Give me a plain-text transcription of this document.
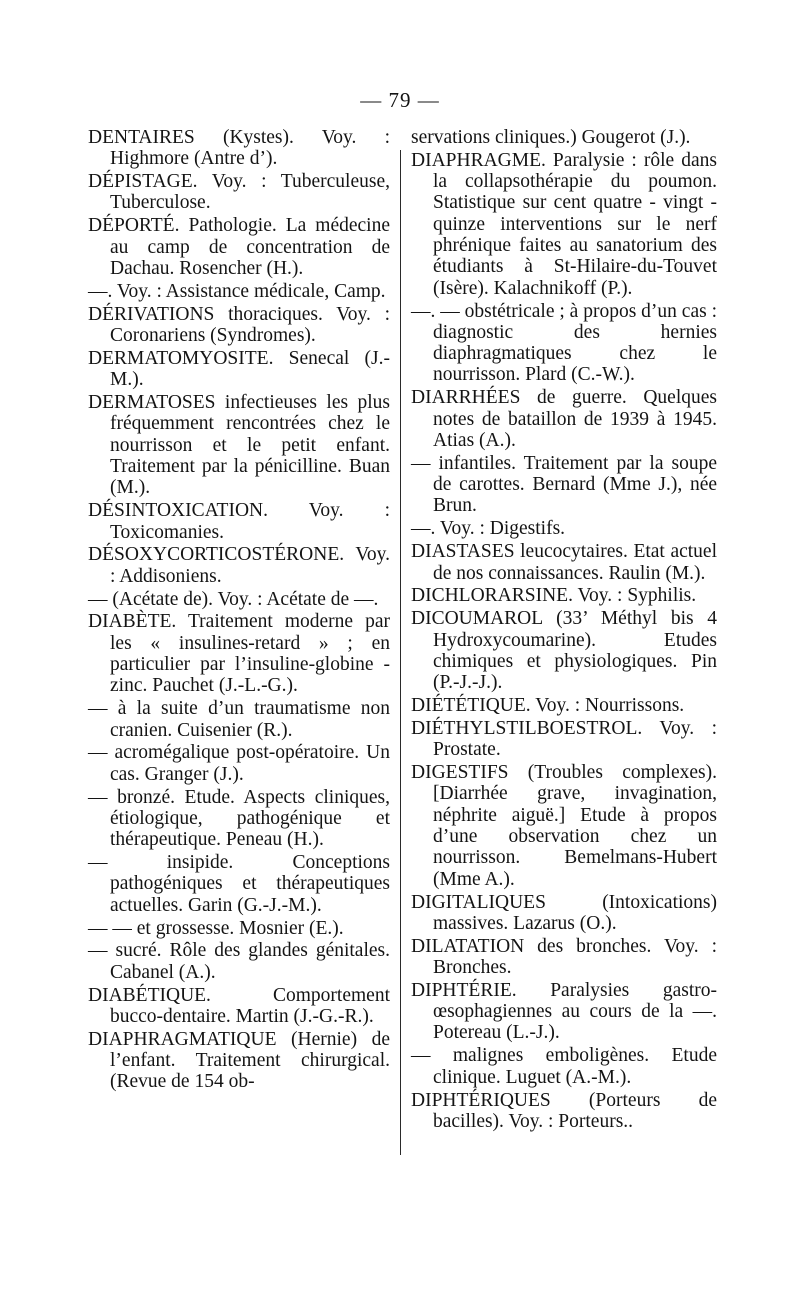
— 79 —

DENTAIRES (Kystes). Voy. : Highmore (Antre d’).

DÉPISTAGE. Voy. : Tuberculeuse, Tuberculose.

DÉPORTÉ. Pathologie. La médecine au camp de concentration de Dachau. Rosencher (H.).

—. Voy. : Assistance médicale, Camp.

DÉRIVATIONS thoraciques. Voy. : Coronariens (Syndromes).

DERMATOMYOSITE. Senecal (J.-M.).

DERMATOSES infectieuses les plus fréquemment rencontrées chez le nourrisson et le petit enfant. Traitement par la pénicilline. Buan (M.).

DÉSINTOXICATION. Voy. : Toxicomanies.

DÉSOXYCORTICOSTÉRONE. Voy. : Addisoniens.

— (Acétate de). Voy. : Acétate de —.

DIABÈTE. Traitement moderne par les « insulines-retard » ; en particulier par l’insuline-globine - zinc. Pauchet (J.-L.-G.).

— à la suite d’un traumatisme non cranien. Cuisenier (R.).

— acromégalique post-opératoire. Un cas. Granger (J.).

— bronzé. Etude. Aspects cliniques, étiologique, pathogénique et thérapeutique. Peneau (H.).

— insipide. Conceptions pathogéniques et thérapeutiques actuelles. Garin (G.-J.-M.).

— — et grossesse. Mosnier (E.).

— sucré. Rôle des glandes génitales. Cabanel (A.).

DIABÉTIQUE. Comportement bucco-dentaire. Martin (J.-G.-R.).

DIAPHRAGMATIQUE (Hernie) de l’enfant. Traitement chirurgical. (Revue de 154 ob-

servations cliniques.) Gougerot (J.).

DIAPHRAGME. Paralysie : rôle dans la collapsothérapie du poumon. Statistique sur cent quatre - vingt - quinze interventions sur le nerf phrénique faites au sanatorium des étudiants à St-Hilaire-du-Touvet (Isère). Kalachnikoff (P.).

—. — obstétricale ; à propos d’un cas : diagnostic des hernies diaphragmatiques chez le nourrisson. Plard (C.-W.).

DIARRHÉES de guerre. Quelques notes de bataillon de 1939 à 1945. Atias (A.).

— infantiles. Traitement par la soupe de carottes. Bernard (Mme J.), née Brun.

—. Voy. : Digestifs.

DIASTASES leucocytaires. Etat actuel de nos connaissances. Raulin (M.).

DICHLORARSINE. Voy. : Syphilis.

DICOUMAROL (33’ Méthyl bis 4 Hydroxycoumarine). Etudes chimiques et physiologiques. Pin (P.-J.-J.).

DIÉTÉTIQUE. Voy. : Nourrissons.

DIÉTHYLSTILBOESTROL. Voy. : Prostate.

DIGESTIFS (Troubles complexes). [Diarrhée grave, invagination, néphrite aiguë.] Etude à propos d’une observation chez un nourrisson. Bemelmans-Hubert (Mme A.).

DIGITALIQUES (Intoxications) massives. Lazarus (O.).

DILATATION des bronches. Voy. : Bronches.

DIPHTÉRIE. Paralysies gastro-œsophagiennes au cours de la —. Potereau (L.-J.).

— malignes emboligènes. Etude clinique. Luguet (A.-M.).

DIPHTÉRIQUES (Porteurs de bacilles). Voy. : Porteurs..
